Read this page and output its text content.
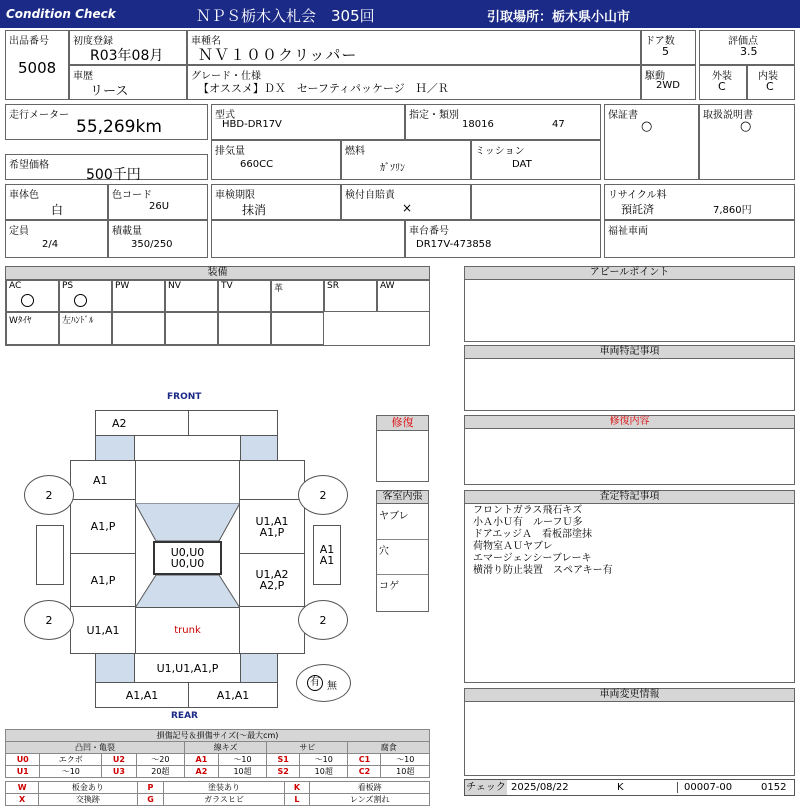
Condition Check	ＮＰＳ栃木入札会　305回	引取場所：栃木県小山市
出品番号
5008
初度登録
R03年08月
車歴
リース
車種名
ＮＶ１００クリッパー
グレード・仕様
【オススメ】ＤＸ　セーフティパッケージ　Ｈ／Ｒ
ドア数
5
駆動
2WD
評価点
3.5
外装
C
内装
C
走行メーター
55,269km
希望価格
500千円
型式
HBD-DR17V
指定・類別
18016	47
排気量
660CC
燃料
ｶﾞｿﾘﾝ
ミッション
DAT
保証書
○
取扱説明書
○
車体色
白
色コード
26U
定員
2/4
積載量
350/250
車検期限
抹消
検付自賠責
×
車台番号
DR17V-473858
リサイクル料
預託済	7,860円
福祉車両
装備
AC	PS	PW	NV	TV	革	SR	AW
Wﾀｲﾔ	左ﾊﾝﾄﾞﾙ
アピールポイント
車両特記事項
修復内容
査定特記事項
フロントガラス飛石キズ
小Ａ小Ｕ有　ルーフＵ多
ドアエッジＡ　看板部塗抹
荷物室ＡＵヤブレ
エマージェンシーブレーキ
横滑り防止装置　スペアキー有
車両変更情報
チェック 2025/08/22	K	00007-00	0152
修復
客室内張
ヤブレ
穴
コゲ
FRONT
REAR
A2
A1
A1,P
A1,P
U1,A1
U0,U0
U0,U0
trunk
U1,A1
A1,P
U1,A2
A2,P
A1
A1
2	2
2	2
U1,U1,A1,P
A1,A1	A1,A1
有 無
損傷記号＆損傷サイズ(〜最大cm)									
凸凹・亀裂				線キズ		サビ		腐食	
U0	エクボ	U2	〜20	A1	〜10	S1	〜10	C1	〜10
U1	〜10	U3	20超	A2	10超	S2	10超	C2	10超
W	板金あり	P	塗装あり	K	看板跡
X	交換跡	G	ガラスヒビ	L	レンズ割れ
